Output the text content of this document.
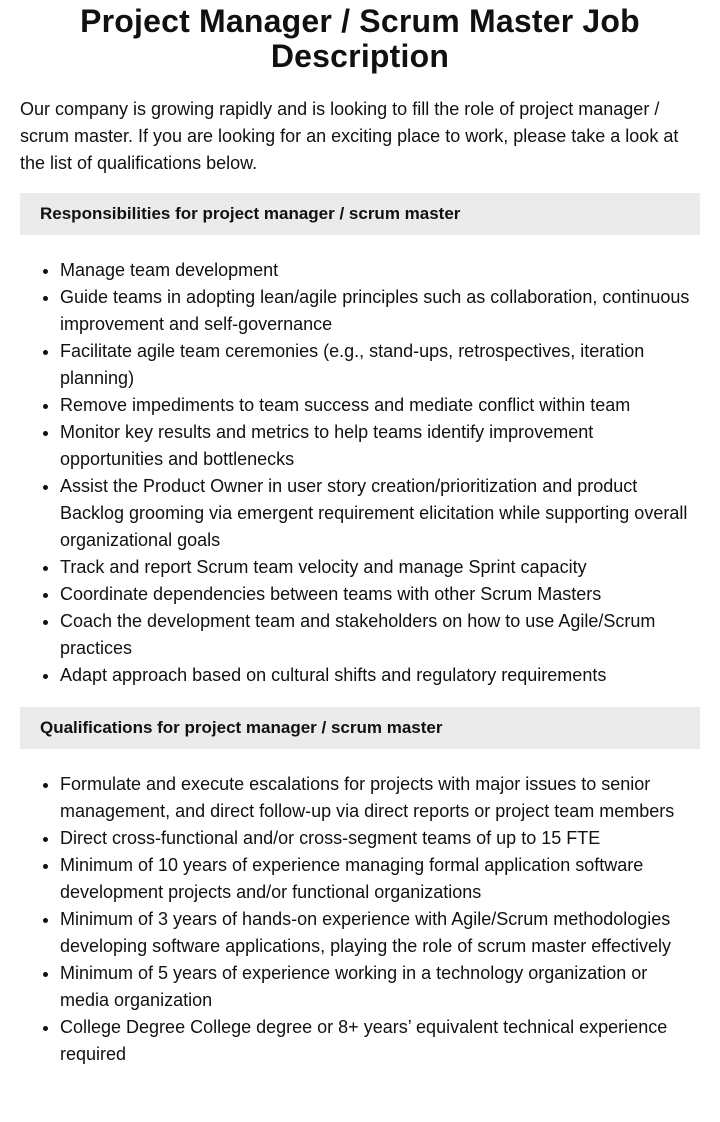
Project Manager / Scrum Master Job Description

Our company is growing rapidly and is looking to fill the role of project manager / scrum master. If you are looking for an exciting place to work, please take a look at the list of qualifications below.

Responsibilities for project manager / scrum master
• Manage team development
• Guide teams in adopting lean/agile principles such as collaboration, continuous improvement and self-governance
• Facilitate agile team ceremonies (e.g., stand-ups, retrospectives, iteration planning)
• Remove impediments to team success and mediate conflict within team
• Monitor key results and metrics to help teams identify improvement opportunities and bottlenecks
• Assist the Product Owner in user story creation/prioritization and product Backlog grooming via emergent requirement elicitation while supporting overall organizational goals
• Track and report Scrum team velocity and manage Sprint capacity
• Coordinate dependencies between teams with other Scrum Masters
• Coach the development team and stakeholders on how to use Agile/Scrum practices
• Adapt approach based on cultural shifts and regulatory requirements
Qualifications for project manager / scrum master
• Formulate and execute escalations for projects with major issues to senior management, and direct follow-up via direct reports or project team members
• Direct cross-functional and/or cross-segment teams of up to 15 FTE
• Minimum of 10 years of experience managing formal application software development projects and/or functional organizations
• Minimum of 3 years of hands-on experience with Agile/Scrum methodologies developing software applications, playing the role of scrum master effectively
• Minimum of 5 years of experience working in a technology organization or media organization
• College Degree College degree or 8+ years’ equivalent technical experience required
